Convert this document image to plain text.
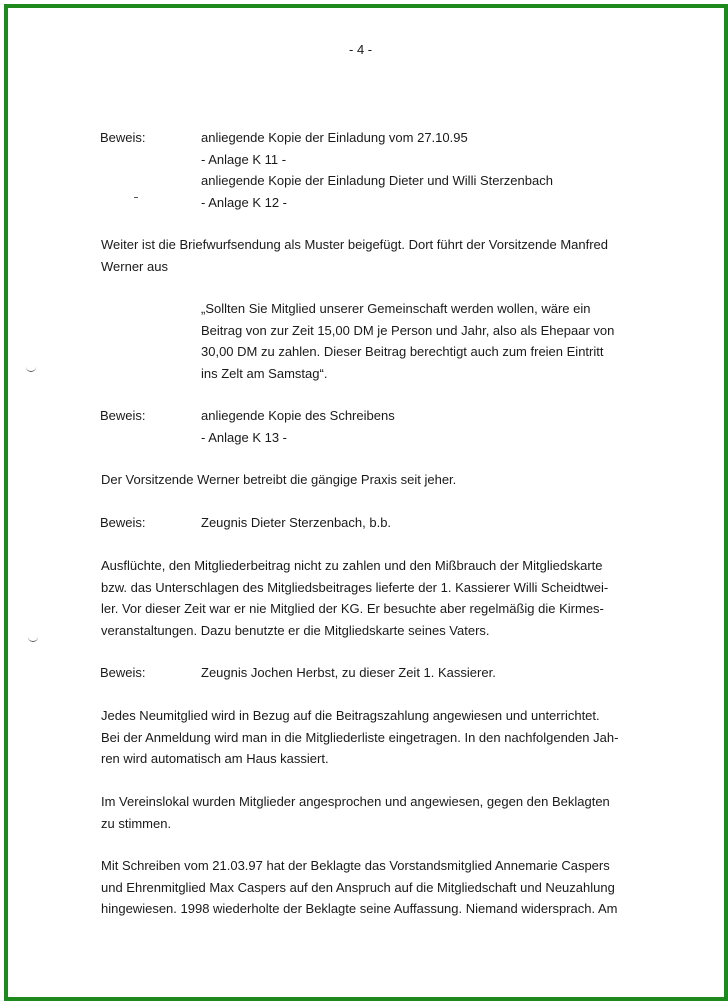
- 4 -
Beweis:	anliegende Kopie der Einladung vom 27.10.95
- Anlage K 11 -
anliegende Kopie der Einladung Dieter und Willi Sterzenbach
- Anlage K 12 -
Weiter ist die Briefwurfsendung als Muster beigefügt. Dort führt der Vorsitzende Manfred
Werner aus
„Sollten Sie Mitglied unserer Gemeinschaft werden wollen, wäre ein
Beitrag von zur Zeit 15,00 DM je Person und Jahr, also als Ehepaar von
30,00 DM zu zahlen. Dieser Beitrag berechtigt auch zum freien Eintritt
ins Zelt am Samstag“.
Beweis:	anliegende Kopie des Schreibens
- Anlage K 13 -
Der Vorsitzende Werner betreibt die gängige Praxis seit jeher.
Beweis:	Zeugnis Dieter Sterzenbach, b.b.
Ausflüchte, den Mitgliederbeitrag nicht zu zahlen und den Mißbrauch der Mitgliedskarte
bzw. das Unterschlagen des Mitgliedsbeitrages lieferte der 1. Kassierer Willi Scheidtwei-
ler. Vor dieser Zeit war er nie Mitglied der KG. Er besuchte aber regelmäßig die Kirmes-
veranstaltungen. Dazu benutzte er die Mitgliedskarte seines Vaters.
Beweis:	Zeugnis Jochen Herbst, zu dieser Zeit 1. Kassierer.
Jedes Neumitglied wird in Bezug auf die Beitragszahlung angewiesen und unterrichtet.
Bei der Anmeldung wird man in die Mitgliederliste eingetragen. In den nachfolgenden Jah-
ren wird automatisch am Haus kassiert.
Im Vereinslokal wurden Mitglieder angesprochen und angewiesen, gegen den Beklagten
zu stimmen.
Mit Schreiben vom 21.03.97 hat der Beklagte das Vorstandsmitglied Annemarie Caspers
und Ehrenmitglied Max Caspers auf den Anspruch auf die Mitgliedschaft und Neuzahlung
hingewiesen. 1998 wiederholte der Beklagte seine Auffassung. Niemand widersprach. Am
